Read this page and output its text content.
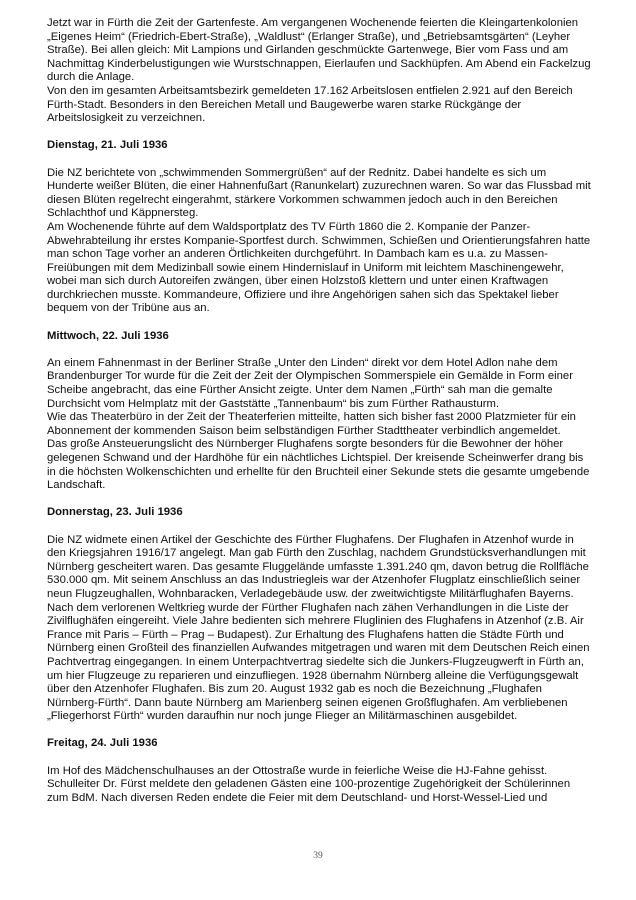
Jetzt war in Fürth die Zeit der Gartenfeste. Am vergangenen Wochenende feierten die Kleingartenkolonien „Eigenes Heim“ (Friedrich-Ebert-Straße), „Waldlust“ (Erlanger Straße), und „Betriebsamtsgärten“ (Leyher Straße). Bei allen gleich: Mit Lampions und Girlanden geschmückte Gartenwege, Bier vom Fass und am Nachmittag Kinderbelustigungen wie Wurstschnappen, Eierlaufen und Sackhüpfen. Am Abend ein Fackelzug durch die Anlage.

Von den im gesamten Arbeitsamtsbezirk gemeldeten 17.162 Arbeitslosen entfielen 2.921 auf den Bereich Fürth-Stadt. Besonders in den Bereichen Metall und Baugewerbe waren starke Rückgänge der Arbeitslosigkeit zu verzeichnen.

Dienstag, 21. Juli 1936

Die NZ berichtete von „schwimmenden Sommergrüßen“ auf der Rednitz. Dabei handelte es sich um Hunderte weißer Blüten, die einer Hahnenfußart (Ranunkelart) zuzurechnen waren. So war das Flussbad mit diesen Blüten regelrecht eingerahmt, stärkere Vorkommen schwammen jedoch auch in den Bereichen Schlachthof und Käppnersteg.

Am Wochenende führte auf dem Waldsportplatz des TV Fürth 1860 die 2. Kompanie der Panzer-Abwehrabteilung ihr erstes Kompanie-Sportfest durch. Schwimmen, Schießen und Orientierungsfahren hatte man schon Tage vorher an anderen Örtlichkeiten durchgeführt. In Dambach kam es u.a. zu Massen-Freiübungen mit dem Medizinball sowie einem Hindernislauf in Uniform mit leichtem Maschinengewehr, wobei man sich durch Autoreifen zwängen, über einen Holzstoß klettern und unter einen Kraftwagen durchkriechen musste. Kommandeure, Offiziere und ihre Angehörigen sahen sich das Spektakel lieber bequem von der Tribüne aus an.

Mittwoch, 22. Juli 1936

An einem Fahnenmast in der Berliner Straße „Unter den Linden“ direkt vor dem Hotel Adlon nahe dem Brandenburger Tor wurde für die Zeit der Zeit der Olympischen Sommerspiele ein Gemälde in Form einer Scheibe angebracht, das eine Fürther Ansicht zeigte. Unter dem Namen „Fürth“ sah man die gemalte Durchsicht vom Helmplatz mit der Gaststätte „Tannenbaum“ bis zum Fürther Rathausturm.

Wie das Theaterbüro in der Zeit der Theaterferien mitteilte, hatten sich bisher fast 2000 Platzmieter für ein Abonnement der kommenden Saison beim selbständigen Fürther Stadttheater verbindlich angemeldet.

Das große Ansteuerungslicht des Nürnberger Flughafens sorgte besonders für die Bewohner der höher gelegenen Schwand und der Hardhöhe für ein nächtliches Lichtspiel. Der kreisende Scheinwerfer drang bis in die höchsten Wolkenschichten und erhellte für den Bruchteil einer Sekunde stets die gesamte umgebende Landschaft.

Donnerstag, 23. Juli 1936

Die NZ widmete einen Artikel der Geschichte des Fürther Flughafens. Der Flughafen in Atzenhof wurde in den Kriegsjahren 1916/17 angelegt. Man gab Fürth den Zuschlag, nachdem Grundstücksverhandlungen mit Nürnberg gescheitert waren. Das gesamte Fluggelände umfasste 1.391.240 qm, davon betrug die Rollfläche 530.000 qm. Mit seinem Anschluss an das Industriegleis war der Atzenhofer Flugplatz einschließlich seiner neun Flugzeughallen, Wohnbaracken, Verladegebäude usw. der zweitwichtigste Militärflughafen Bayerns. Nach dem verlorenen Weltkrieg wurde der Fürther Flughafen nach zähen Verhandlungen in die Liste der Zivilflughäfen eingereiht. Viele Jahre bedienten sich mehrere Fluglinien des Flughafens in Atzenhof (z.B. Air France mit Paris – Fürth – Prag – Budapest). Zur Erhaltung des Flughafens hatten die Städte Fürth und Nürnberg einen Großteil des finanziellen Aufwandes mitgetragen und waren mit dem Deutschen Reich einen Pachtvertrag eingegangen. In einem Unterpachtvertrag siedelte sich die Junkers-Flugzeugwerft in Fürth an, um hier Flugzeuge zu reparieren und einzufliegen. 1928 übernahm Nürnberg alleine die Verfügungsgewalt über den Atzenhofer Flughafen. Bis zum 20. August 1932 gab es noch die Bezeichnung „Flughafen Nürnberg-Fürth“. Dann baute Nürnberg am Marienberg seinen eigenen Großflughafen. Am verbliebenen „Fliegerhorst Fürth“ wurden daraufhin nur noch junge Flieger an Militärmaschinen ausgebildet.

Freitag, 24. Juli 1936

Im Hof des Mädchenschulhauses an der Ottostraße wurde in feierliche Weise die HJ-Fahne gehisst. Schulleiter Dr. Fürst meldete den geladenen Gästen eine 100-prozentige Zugehörigkeit der Schülerinnen zum BdM. Nach diversen Reden endete die Feier mit dem Deutschland- und Horst-Wessel-Lied und

39
